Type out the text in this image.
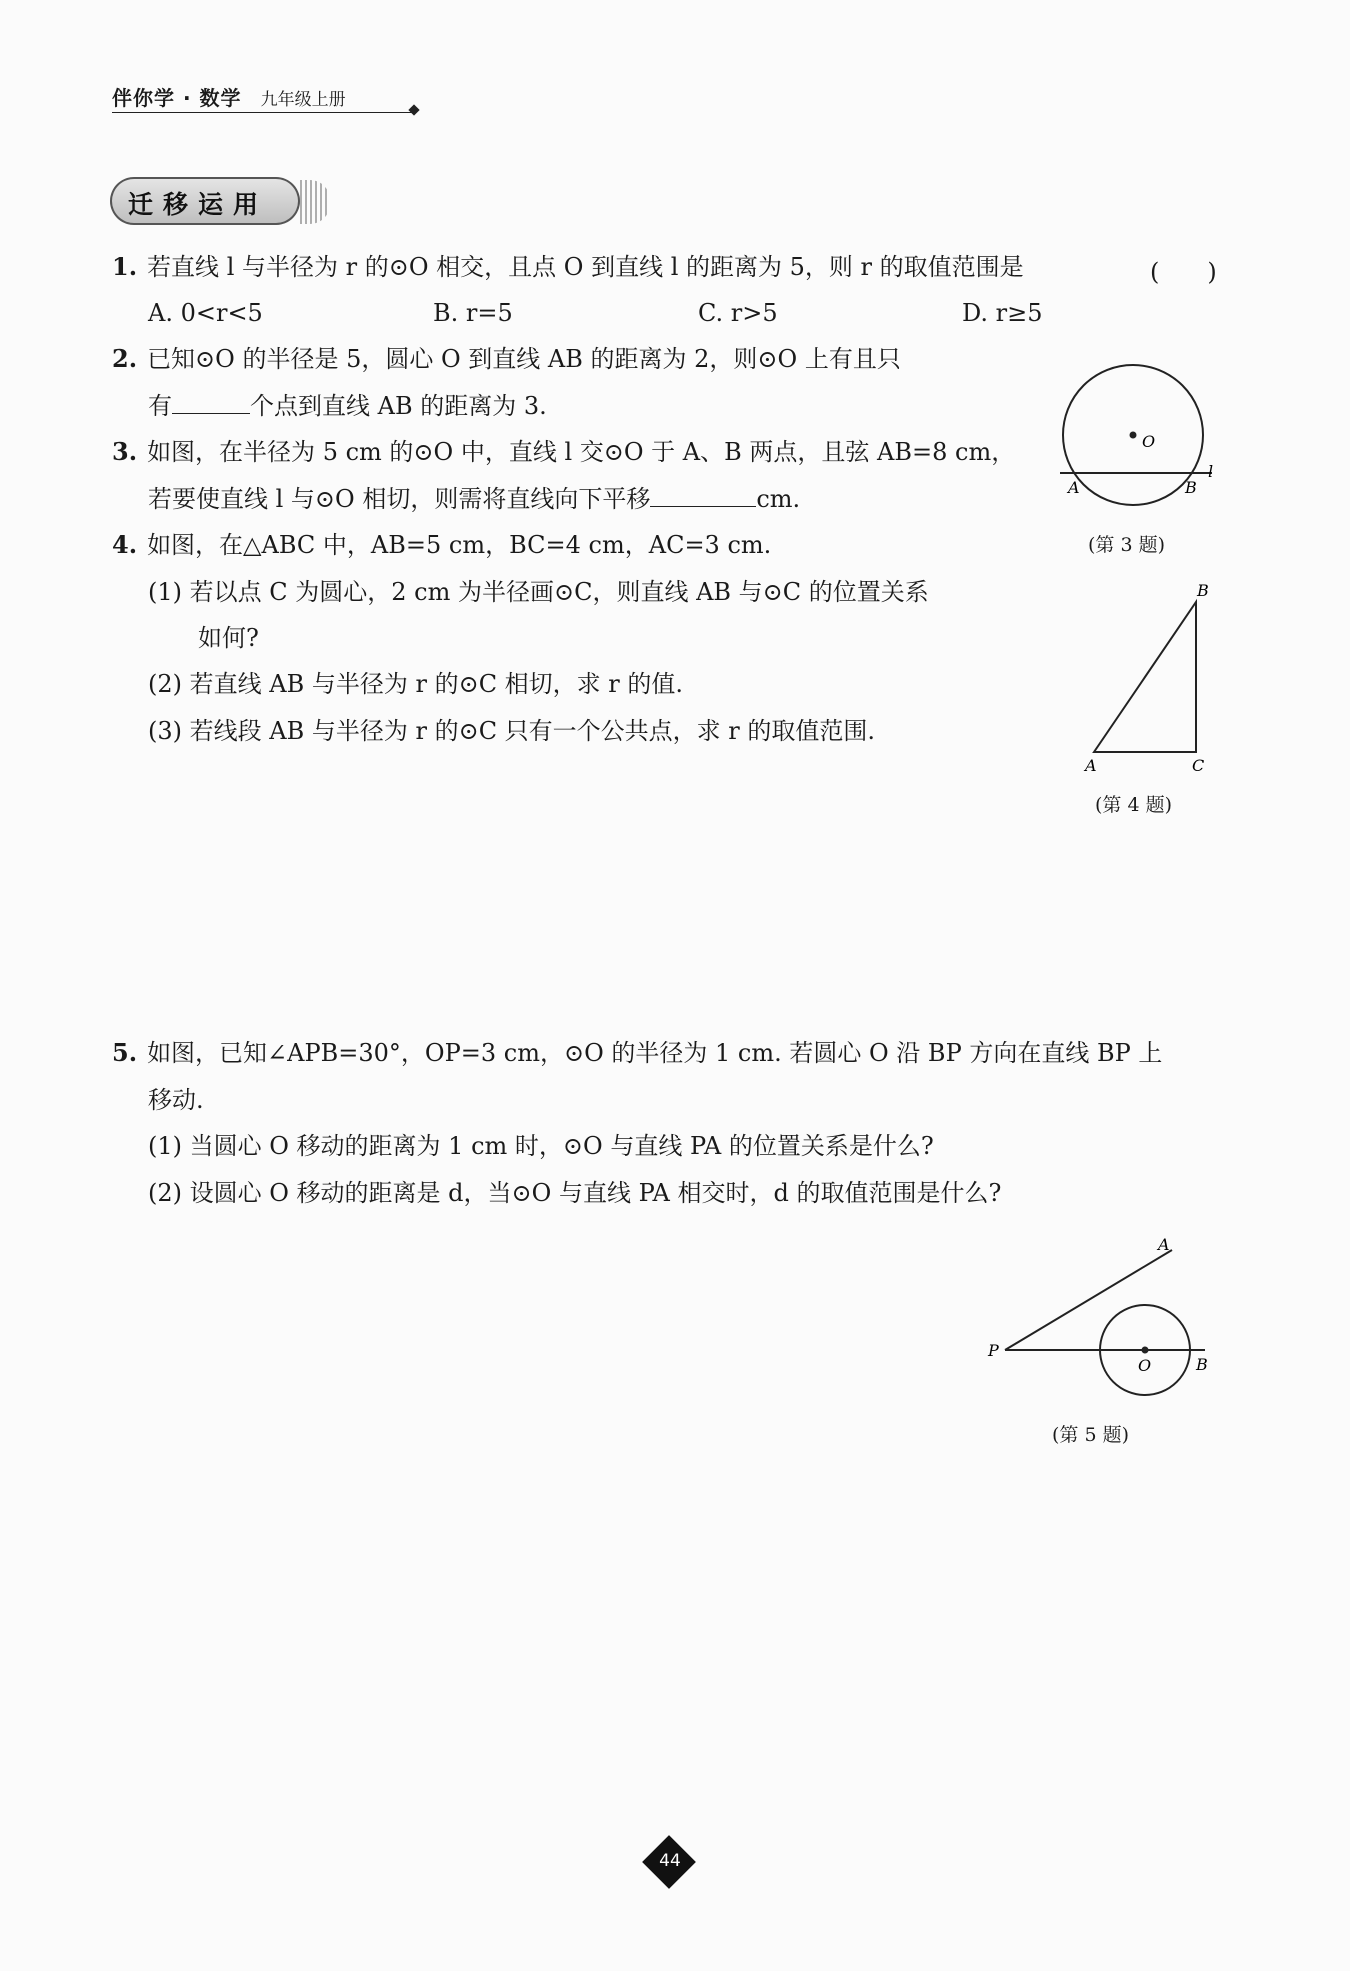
伴你学 · 数学 九年级上册
迁移运用
1. 若直线 l 与半径为 r 的⊙O 相交，且点 O 到直线 l 的距离为 5，则 r 的取值范围是	(　　)
A. 0<r<5	B. r=5	C. r>5	D. r≥5
2. 已知⊙O 的半径是 5，圆心 O 到直线 AB 的距离为 2，则⊙O 上有且只
有	个点到直线 AB 的距离为 3.
3. 如图，在半径为 5 cm 的⊙O 中，直线 l 交⊙O 于 A、B 两点，且弦 AB=8 cm，
若要使直线 l 与⊙O 相切，则需将直线向下平移	cm.
4. 如图，在△ABC 中，AB=5 cm，BC=4 cm，AC=3 cm.
(1) 若以点 C 为圆心，2 cm 为半径画⊙C，则直线 AB 与⊙C 的位置关系
如何?
(2) 若直线 AB 与半径为 r 的⊙C 相切，求 r 的值.
(3) 若线段 AB 与半径为 r 的⊙C 只有一个公共点，求 r 的取值范围.
O
A	B
l
(第 3 题)
B
A	C
(第 4 题)
5. 如图，已知∠APB=30°，OP=3 cm，⊙O 的半径为 1 cm. 若圆心 O 沿 BP 方向在直线 BP 上
移动.
(1) 当圆心 O 移动的距离为 1 cm 时，⊙O 与直线 PA 的位置关系是什么?
(2) 设圆心 O 移动的距离是 d，当⊙O 与直线 PA 相交时，d 的取值范围是什么?
P
A
O	B
(第 5 题)
44
